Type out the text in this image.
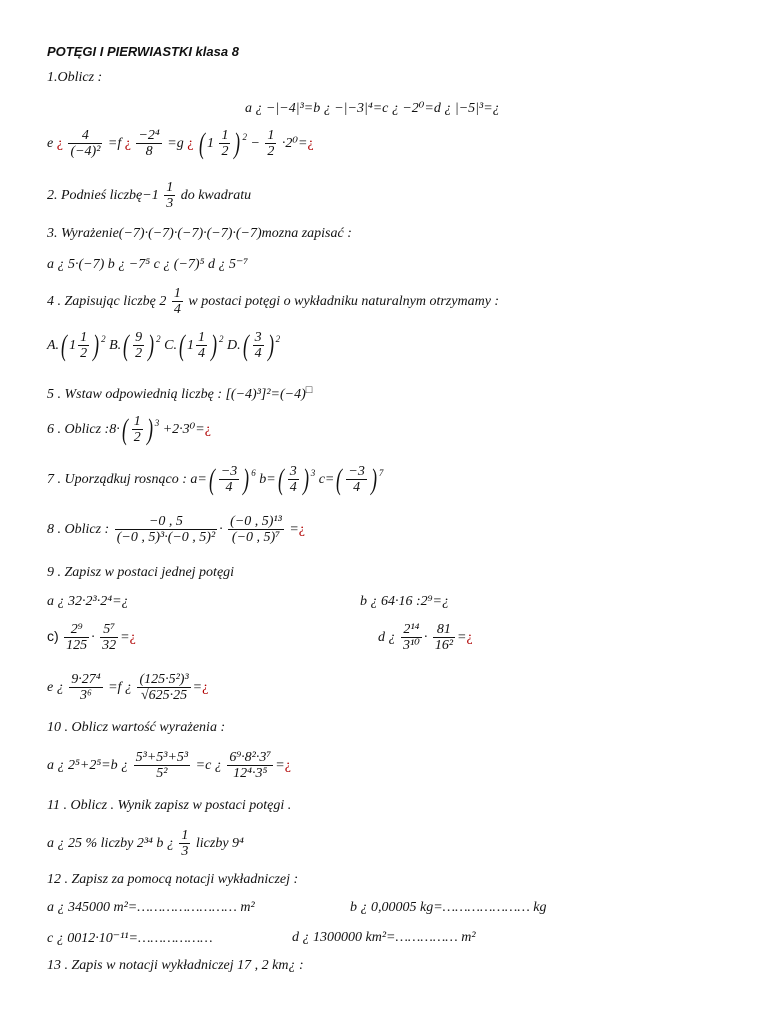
POTĘGI I PIERWIASTKI klasa 8
1.Oblicz :
a ¿ −|−4|³=b ¿ −|−3|⁴=c ¿ −2⁰=d ¿ |−5|³=¿
e ¿ $\frac{4}{\text{(−4)²}} =f$ ¿ $\frac{\text{−2⁴}}{8} =g$ ¿ ( $1 \frac{1}{2}$ ) $^2 - \frac{1}{2}$ ·2⁰=¿
2. Podnieś liczbę−1 $\frac{1}{3}$ do kwadratu
3. Wyrażenie(−7)·(−7)·(−7)·(−7)·(−7)mozna zapisać :
a ¿ 5·(−7) b ¿ −7⁵ c ¿ (−7)⁵ d ¿ 5⁻⁷
4 . Zapisując liczbę $2 \frac{1}{4}$ w postaci potęgi o wykładniku naturalnym otrzymamy :
A.( $1 \frac{1}{2}$ ) $^2$ $B.( \frac{9}{2}$ ) $^2$ C.( $1 \frac{1}{4}$ ) $^2$ $D.( \frac{3}{4}$ ) $^2$
5 . Wstaw odpowiednią liczbę : [(−4)³]²=(−4)□
6 . Oblicz :8·( $\frac{1}{2}$ ) $^3$ +2·3⁰=¿
7 . Uporządkuj rosnąco : $a=( \frac{-3}{4}$ ) $^6$ $b=( \frac{3}{4}$ ) $^3$ $c=( \frac{-3}{4}$ ) $^7$
8 . Oblicz : $\frac{-0 , 5}{\text{(−0 , 5)³·(−0 , 5)²}} \cdot \frac{\text{(−0 , 5)¹³}}{\text{(−0 , 5)⁷}}$ =¿
9 . Zapisz w postaci jednej potęgi
a ¿ 32·2³·2⁴=¿	b ¿ 64·16 :2⁹=¿
$c) \frac{\text{2⁹}}{125} \cdot \frac{\text{5⁷}}{32}$ =¿	d ¿ $\frac{\text{2¹⁴}}{\text{3¹⁰}} \cdot \frac{81}{\text{16²}}$ =¿
e ¿ $\frac{\text{9·27⁴}}{\text{3⁶}} =f$ ¿ $\frac{\text{(125·5²)³}}{√625\cdot 25}$ =¿
10 . Oblicz wartość wyrażenia :
a ¿ 2⁵+2⁵=b ¿ $\frac{\text{5³+5³+5³}}{\text{5²}} =c$ ¿ $\frac{\text{6⁹·8²·3⁷}}{\text{12⁴·3⁵}}$ =¿
11 . Oblicz . Wynik zapisz w postaci potęgi .
a ¿ 25 % liczby 2³⁴ b ¿ $\frac{1}{3}$ liczby 9⁴
12 . Zapisz za pomocą notacji wykładniczej :
a ¿ 345000 m²=…………………… m²	b ¿ 0,00005 kg=………………… kg
c ¿ 0012·10⁻¹¹=………………	d ¿ 1300000 km²=…………… m²
13 . Zapis w notacji wykładniczej 17 , 2 km¿ :
